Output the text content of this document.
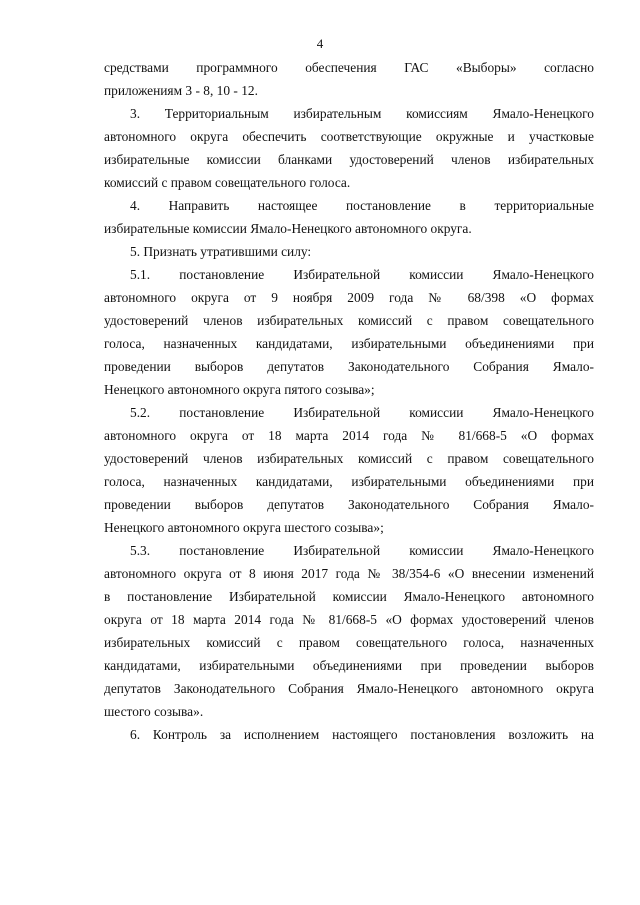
4
средствами программного обеспечения ГАС «Выборы» согласно
приложениям 3 - 8, 10 - 12.
3. Территориальным избирательным комиссиям Ямало-Ненецкого
автономного округа обеспечить соответствующие окружные и участковые
избирательные комиссии бланками удостоверений членов избирательных
комиссий с правом совещательного голоса.
4. Направить настоящее постановление в территориальные
избирательные комиссии Ямало-Ненецкого автономного округа.
5. Признать утратившими силу:
5.1. постановление Избирательной комиссии Ямало-Ненецкого
автономного округа от 9 ноября 2009 года № 68/398 «О формах
удостоверений членов избирательных комиссий с правом совещательного
голоса, назначенных кандидатами, избирательными объединениями при
проведении выборов депутатов Законодательного Собрания Ямало-
Ненецкого автономного округа пятого созыва»;
5.2. постановление Избирательной комиссии Ямало-Ненецкого
автономного округа от 18 марта 2014 года № 81/668-5 «О формах
удостоверений членов избирательных комиссий с правом совещательного
голоса, назначенных кандидатами, избирательными объединениями при
проведении выборов депутатов Законодательного Собрания Ямало-
Ненецкого автономного округа шестого созыва»;
5.3. постановление Избирательной комиссии Ямало-Ненецкого
автономного округа от 8 июня 2017 года № 38/354-6 «О внесении изменений
в постановление Избирательной комиссии Ямало-Ненецкого автономного
округа от 18 марта 2014 года № 81/668-5 «О формах удостоверений членов
избирательных комиссий с правом совещательного голоса, назначенных
кандидатами, избирательными объединениями при проведении выборов
депутатов Законодательного Собрания Ямало-Ненецкого автономного округа
шестого созыва».
6. Контроль за исполнением настоящего постановления возложить на
